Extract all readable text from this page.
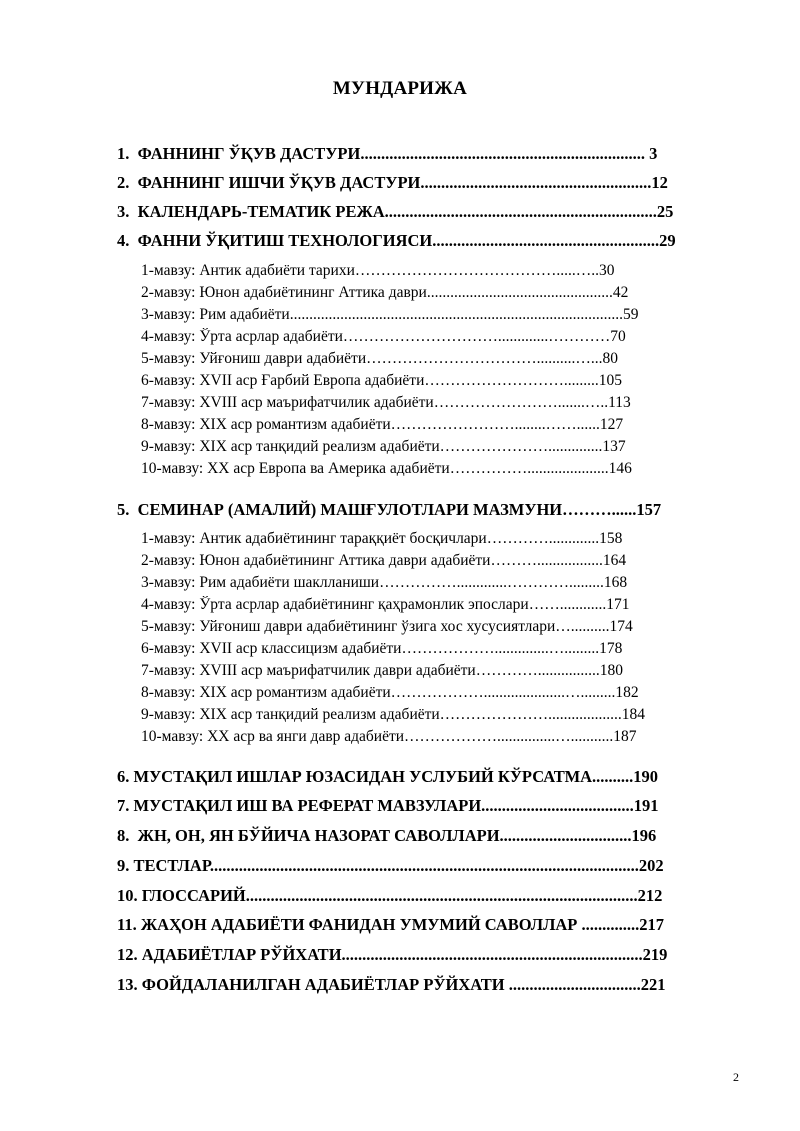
МУНДАРИЖА
1.  ФАННИНГ ЎҚУВ ДАСТУРИ..................................................................... 3
2.  ФАННИНГ ИШЧИ ЎҚУВ ДАСТУРИ........................................................12
3.  КАЛЕНДАРЬ-ТЕМАТИК РЕЖА..................................................................25
4.  ФАННИ ЎҚИТИШ ТЕХНОЛОГИЯСИ.......................................................29
1-мавзу: Антик адабиёти тарихи………………………………….....…..30
2-мавзу: Юнон адабиётининг Аттика даври................................................42
3-мавзу: Рим адабиёти......................................................................................59
4-мавзу: Ўрта асрлар адабиёти………………………….............…………70
5-мавзу: Уйғониш даври адабиёти……………………………..........…...80
6-мавзу: XVII аср Ғарбий Европа адабиёти……………………….........105
7-мавзу: XVIII аср маърифатчилик адабиёти…………………….......…..113
8-мавзу: XIX аср романтизм адабиёти……………………........……......127
9-мавзу: XIX аср танқидий реализм адабиёти…………………..............137
10-мавзу: XX аср Европа ва Америка адабиёти…………….....................146
5.  СЕМИНАР (АМАЛИЙ) МАШҒУЛОТЛАРИ МАЗМУНИ………......157
1-мавзу: Антик адабиётининг тараққиёт босқичлари………….............158
2-мавзу: Юнон адабиётининг Аттика даври адабиёти……….................164
3-мавзу: Рим адабиёти шаклланиши…………….............………….........168
4-мавзу: Ўрта асрлар адабиётининг қаҳрамонлик эпослари……............171
5-мавзу: Уйғониш даври адабиётининг ўзига хос хусусиятлари…..........174
6-мавзу: XVII аср классицизм адабиёти………………..............….........178
7-мавзу: XVIII аср маърифатчилик даври адабиёти…………................180
8-мавзу: XIX аср романтизм адабиёти……………….....................….........182
9-мавзу: XIX аср танқидий реализм адабиёти…………………...................184
10-мавзу: XX аср ва янги давр адабиёти………………...............…...........187
6. МУСТАҚИЛ ИШЛАР ЮЗАСИДАН УСЛУБИЙ КЎРСАТМА..........190
7. МУСТАҚИЛ ИШ ВА РЕФЕРАТ МАВЗУЛАРИ.....................................191
8.  ЖН, ОН, ЯН БЎЙИЧА НАЗОРАТ САВОЛЛАРИ................................196
9. ТЕСТЛАР........................................................................................................202
10. ГЛОССАРИЙ...............................................................................................212
11. ЖАҲОН АДАБИЁТИ ФАНИДАН УМУМИЙ САВОЛЛАР ..............217
12. АДАБИЁТЛАР РЎЙХАТИ.........................................................................219
13. ФОЙДАЛАНИЛГАН АДАБИЁТЛАР РЎЙХАТИ ................................221
2
